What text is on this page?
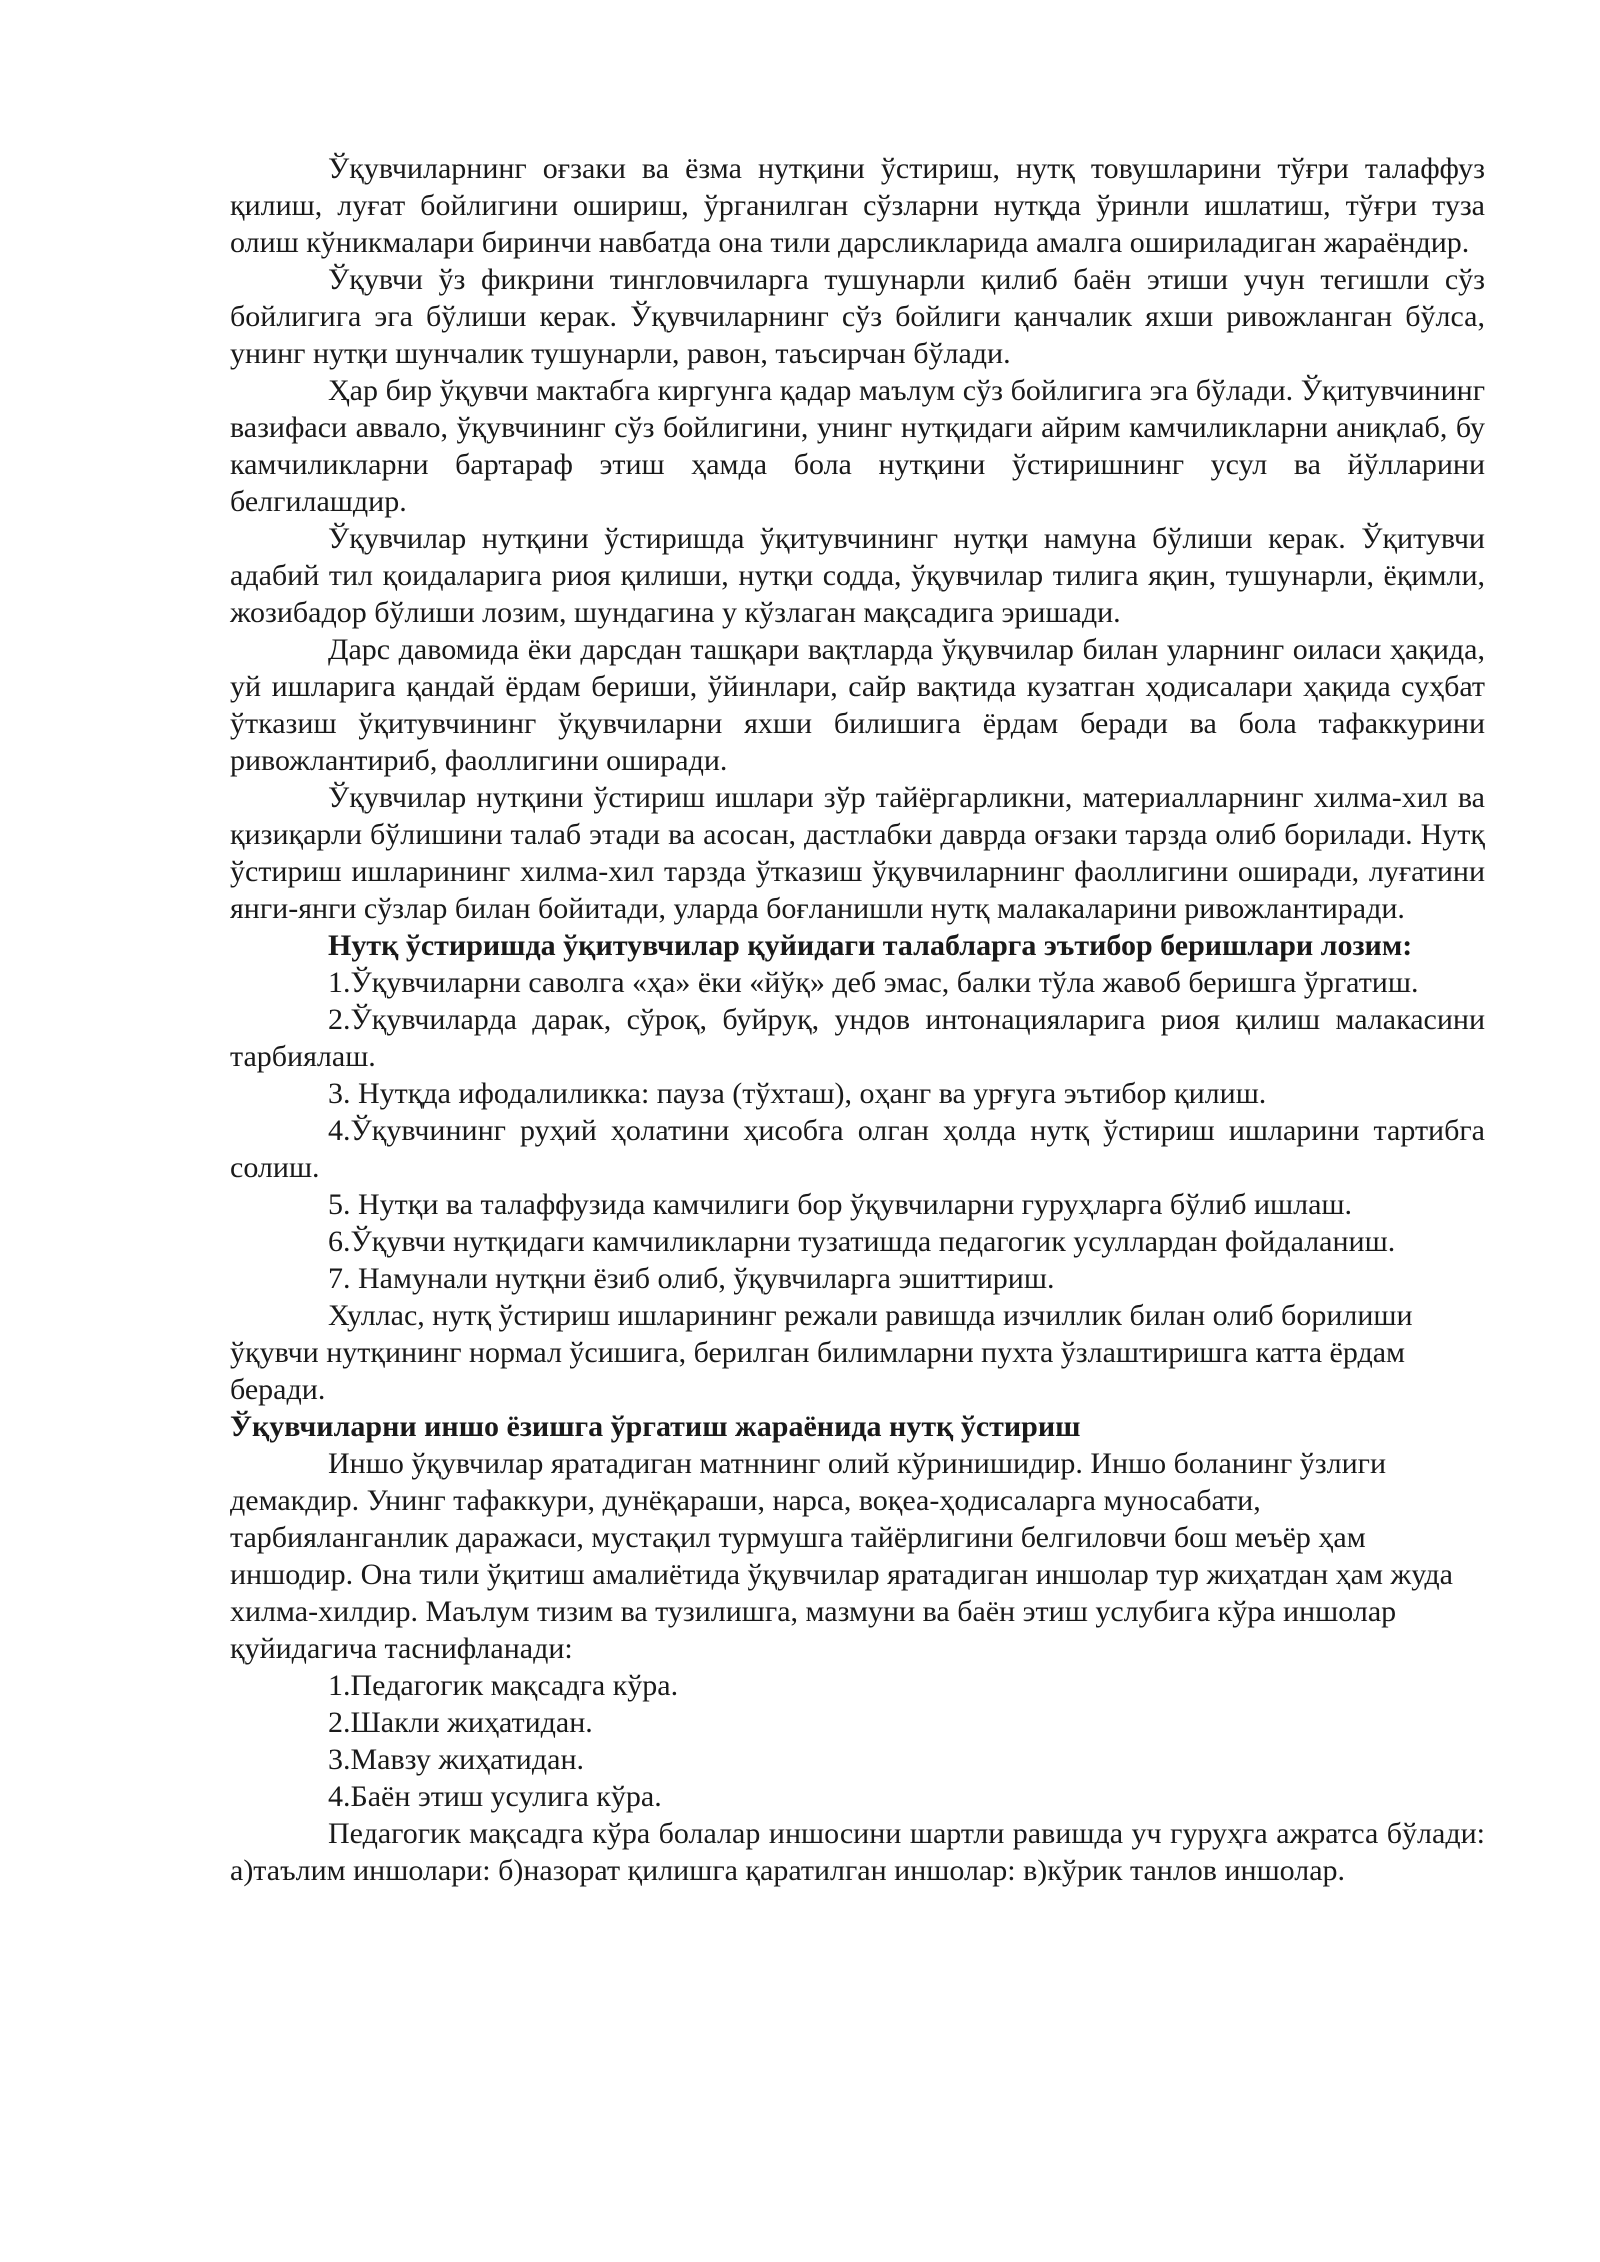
Ўқувчиларнинг оғзаки ва ёзма нутқини ўстириш, нутқ товушларини тўғри талаффуз қилиш, луғат бойлигини ошириш, ўрганилган сўзларни нутқда ўринли ишлатиш, тўғри туза олиш кўникмалари биринчи навбатда она тили дарсликларида амалга ошириладиган жараёндир.

Ўқувчи ўз фикрини тингловчиларга тушунарли қилиб баён этиши учун тегишли сўз бойлигига эга бўлиши керак. Ўқувчиларнинг сўз бойлиги қанчалик яхши ривожланган бўлса, унинг нутқи шунчалик тушунарли, равон, таъсирчан бўлади.

Ҳар бир ўқувчи мактабга киргунга қадар маълум сўз бойлигига эга бўлади. Ўқитувчининг вазифаси аввало, ўқувчининг сўз бойлигини, унинг нутқидаги айрим камчиликларни аниқлаб, бу камчиликларни бартараф этиш ҳамда бола нутқини ўстиришнинг усул ва йўлларини белгилашдир.

Ўқувчилар нутқини ўстиришда ўқитувчининг нутқи намуна бўлиши керак. Ўқитувчи адабий тил қоидаларига риоя қилиши, нутқи содда, ўқувчилар тилига яқин, тушунарли, ёқимли, жозибадор бўлиши лозим, шундагина у кўзлаган мақсадига эришади.

Дарс давомида ёки дарсдан ташқари вақтларда ўқувчилар билан уларнинг оиласи ҳақида, уй ишларига қандай ёрдам бериши, ўйинлари, сайр вақтида кузатган ҳодисалари ҳақида суҳбат ўтказиш ўқитувчининг ўқувчиларни яхши билишига ёрдам беради ва бола тафаккурини ривожлантириб, фаоллигини оширади.

Ўқувчилар нутқини ўстириш ишлари зўр тайёргарликни, материалларнинг хилма-хил ва қизиқарли бўлишини талаб этади ва асосан, дастлабки даврда оғзаки тарзда олиб борилади. Нутқ ўстириш ишларининг хилма-хил тарзда ўтказиш ўқувчиларнинг фаоллигини оширади, луғатини янги-янги сўзлар билан бойитади, уларда боғланишли нутқ малакаларини ривожлантиради.

Нутқ ўстиришда ўқитувчилар қуйидаги талабларга эътибор беришлари лозим:

1.Ўқувчиларни саволга «ҳа» ёки «йўқ» деб эмас, балки тўла жавоб беришга ўргатиш.

2.Ўқувчиларда дарак, сўроқ, буйруқ, ундов интонацияларига риоя қилиш малакасини тарбиялаш.

3. Нутқда ифодалиликка: пауза (тўхташ), оҳанг ва урғуга эътибор қилиш.

4.Ўқувчининг руҳий ҳолатини ҳисобга олган ҳолда нутқ ўстириш ишларини тартибга солиш.

5. Нутқи ва талаффузида камчилиги бор ўқувчиларни гуруҳларга бўлиб ишлаш.

6.Ўқувчи нутқидаги камчиликларни тузатишда педагогик усуллардан фойдаланиш.

7. Намунали нутқни ёзиб олиб, ўқувчиларга эшиттириш.

Хуллас, нутқ ўстириш ишларининг режали равишда изчиллик билан олиб борилиши ўқувчи нутқининг нормал ўсишига, берилган билимларни пухта ўзлаштиришга катта ёрдам беради.

Ўқувчиларни иншо ёзишга ўргатиш жараёнида нутқ ўстириш

Иншо ўқувчилар яратадиган матннинг олий кўринишидир. Иншо боланинг ўзлиги демакдир. Унинг тафаккури, дунёқараши, нарса, воқеа-ҳодисаларга муносабати, тарбияланганлик даражаси, мустақил турмушга тайёрлигини белгиловчи бош меъёр ҳам иншодир. Она тили ўқитиш амалиётида ўқувчилар яратадиган иншолар тур жиҳатдан ҳам жуда хилма-хилдир. Маълум тизим ва тузилишга, мазмуни ва баён этиш услубига кўра иншолар қуйидагича таснифланади:

1.Педагогик мақсадга кўра.

2.Шакли жиҳатидан.

3.Мавзу жиҳатидан.

4.Баён этиш усулига кўра.

Педагогик мақсадга кўра болалар иншосини шартли равишда уч гуруҳга ажратса бўлади: а)таълим иншолари: б)назорат қилишга қаратилган иншолар: в)кўрик танлов иншолар.
